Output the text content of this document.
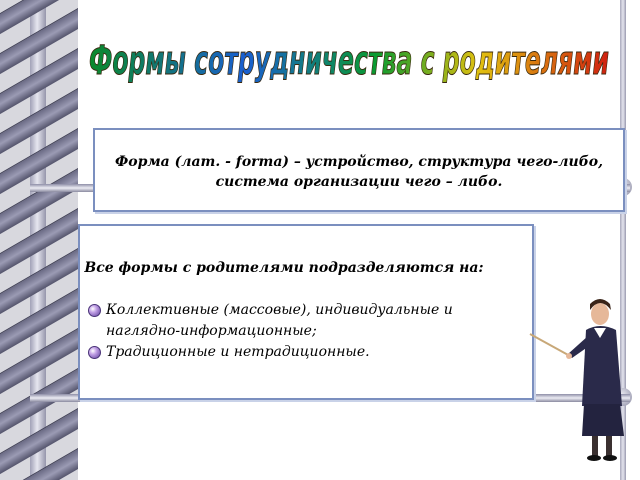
Формы сотрудничества с родителями
Форма (лат. - forma) – устройство, структура чего-либо,
система организации чего – либо.
Все формы с родителями подразделяются на:
Коллективные (массовые), индивидуальные и наглядно-информационные;
Традиционные и нетрадиционные.
